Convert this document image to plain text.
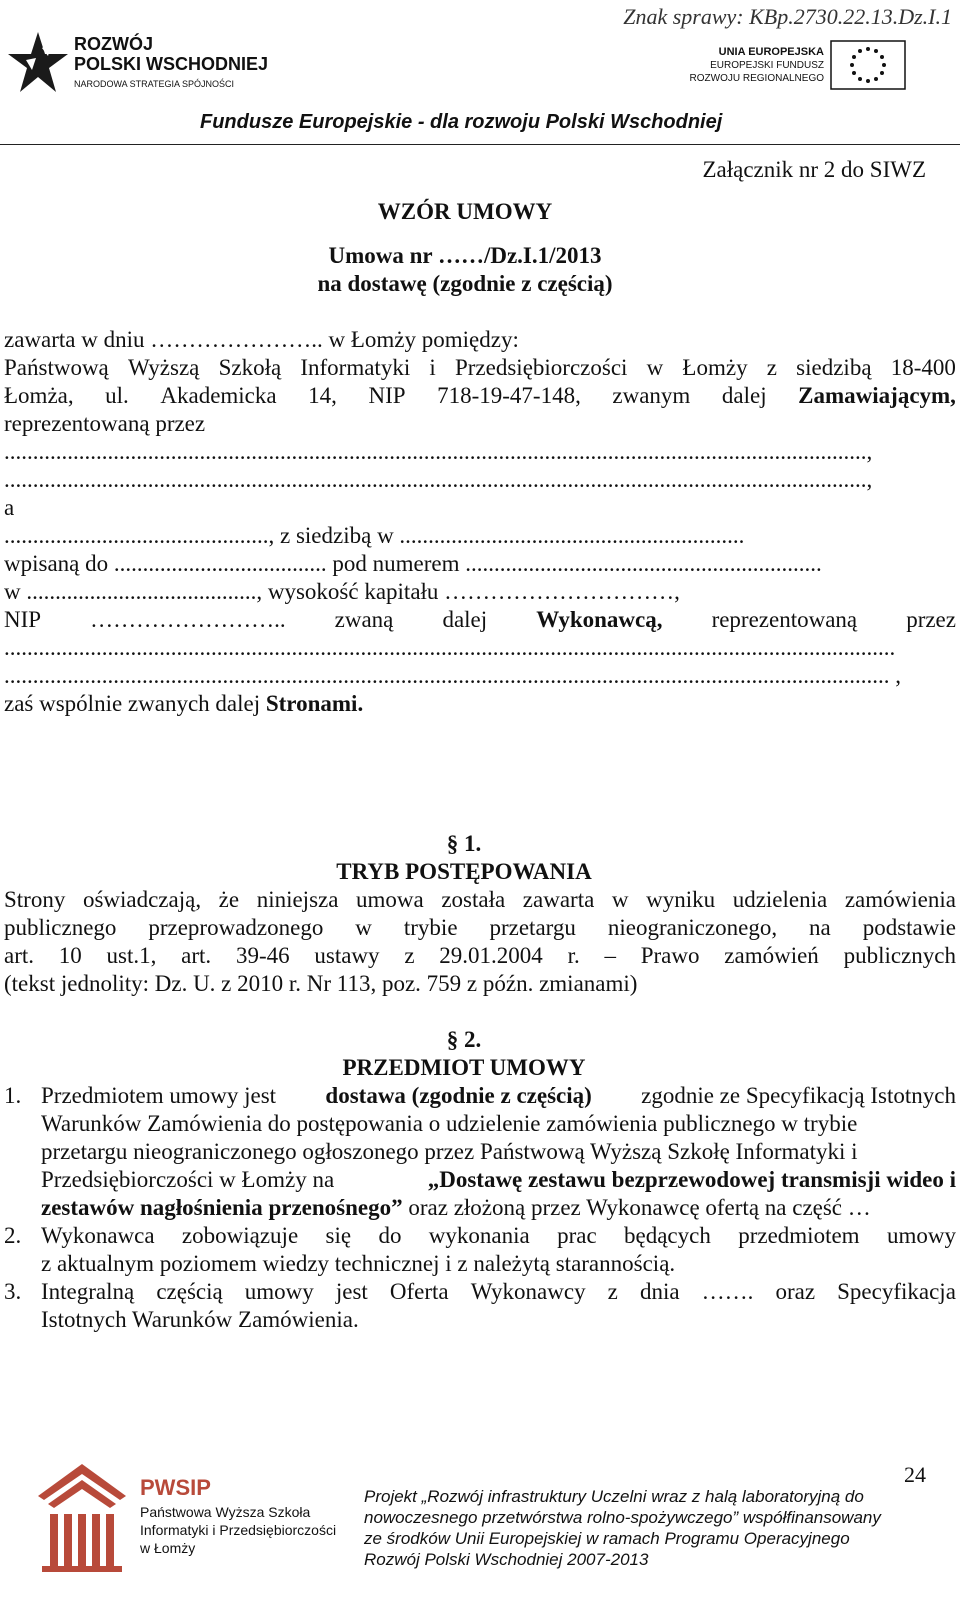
Znak sprawy: KBp.2730.22.13.Dz.I.1
ROZWÓJ
POLSKI WSCHODNIEJ
NARODOWA STRATEGIA SPÓJNOŚCI
UNIA EUROPEJSKA
EUROPEJSKI FUNDUSZ
ROZWOJU REGIONALNEGO
Fundusze Europejskie - dla rozwoju Polski Wschodniej
Załącznik nr 2 do SIWZ
WZÓR UMOWY
Umowa nr ……/Dz.I.1/2013
na dostawę (zgodnie z częścią)
zawarta w dniu ………………….. w Łomży pomiędzy:
Państwową Wyższą Szkołą Informatyki i Przedsiębiorczości w Łomży z siedzibą 18-400
Łomża, ul. Akademicka 14, NIP 718-19-47-148, zwanym dalej Zamawiającym,
reprezentowaną przez
......................................................................................................................................................,
......................................................................................................................................................,
a
.............................................., z siedzibą w ............................................................
wpisaną do ..................................... pod numerem ..............................................................
w ........................................, wysokość kapitału …………………………,
NIP …………………….. zwaną dalej Wykonawcą, reprezentowaną przez
...........................................................................................................................................................
.......................................................................................................................................................... ,
zaś wspólnie zwanych dalej Stronami.
§ 1.
TRYB POSTĘPOWANIA
Strony oświadczają, że niniejsza umowa została zawarta w wyniku udzielenia zamówienia
publicznego przeprowadzonego w trybie przetargu nieograniczonego, na podstawie
art. 10 ust.1, art. 39-46 ustawy z 29.01.2004 r. – Prawo zamówień publicznych
(tekst jednolity: Dz. U. z 2010 r. Nr 113, poz. 759 z późn. zmianami)
§ 2.
PRZEDMIOT UMOWY
1. Przedmiotem umowy jest dostawa (zgodnie z częścią) zgodnie ze Specyfikacją Istotnych
Warunków Zamówienia do postępowania o udzielenie zamówienia publicznego w trybie
przetargu nieograniczonego ogłoszonego przez Państwową Wyższą Szkołę Informatyki i
Przedsiębiorczości w Łomży na	„Dostawę zestawu bezprzewodowej transmisji wideo i
zestawów nagłośnienia przenośnego” oraz złożoną przez Wykonawcę ofertą na część …
2. Wykonawca zobowiązuje się do wykonania prac będących przedmiotem umowy
z aktualnym poziomem wiedzy technicznej i z należytą starannością.
3. Integralną częścią umowy jest Oferta Wykonawcy z dnia ……. oraz Specyfikacja
Istotnych Warunków Zamówienia.
24
PWSIP
Państwowa Wyższa Szkoła
Informatyki i Przedsiębiorczości
w Łomży
Projekt „Rozwój infrastruktury Uczelni wraz z halą laboratoryjną do
nowoczesnego przetwórstwa rolno-spożywczego” współfinansowany
ze środków Unii Europejskiej w ramach Programu Operacyjnego
Rozwój Polski Wschodniej 2007-2013
